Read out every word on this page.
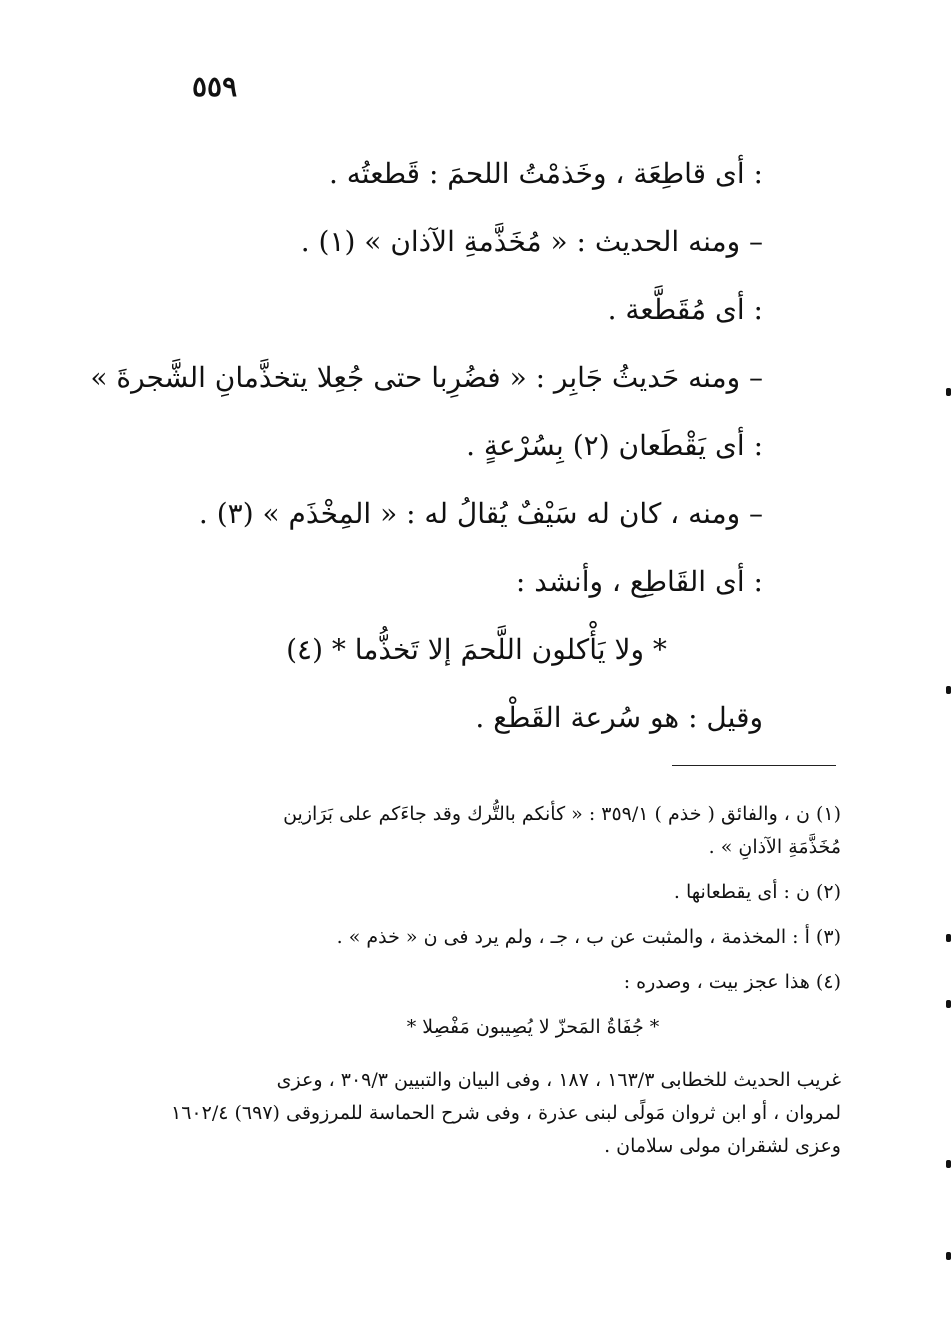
٥٥٩
: أى قاطِعَة ، وخَذمْتُ اللحمَ : قَطعتُه .
– ومنه الحديث : « مُخَذَّمةِ الآذان » (١) .
: أى مُقَطَّعة .
– ومنه حَديثُ جَابِر : « فضُرِبا حتى جُعِلا يتخذَّمانِ الشَّجرةَ »
: أى يَقْطَعان (٢) بِسُرْعةٍ .
– ومنه ، كان له سَيْفٌ يُقالُ له : « المِخْذَم » (٣) .
: أى القَاطِع ، وأنشد :
* ولا يَأْكلون اللَّحمَ إلا تَخذُّما * (٤)
وقيل : هو سُرعة القَطْع .

(١) ن ، والفائق ( خذم ) ٣٥٩/١ : « كأنكم بالتُّرك وقد جاءَكم على بَرَازين

مُخَذَّمَةِ الآذانِ » .

(٢) ن : أى يقطعانها .

(٣) أ : المخذمة ، والمثبت عن ب ، جـ ، ولم يرد فى ن « خذم » .

(٤) هذا عجز بيت ، وصدره :

* جُفَاةُ المَحزّ لا يُصِيبون مَفْصِلا *

غريب الحديث للخطابى ١٦٣/٣ ، ١٨٧ ، وفى البيان والتبيين ٣٠٩/٣ ، وعزى

لمروان ، أو ابن ثروان مَولًى لبنى عذرة ، وفى شرح الحماسة للمرزوقى (٦٩٧) ١٦٠٢/٤

وعزى لشقران مولى سلامان .
